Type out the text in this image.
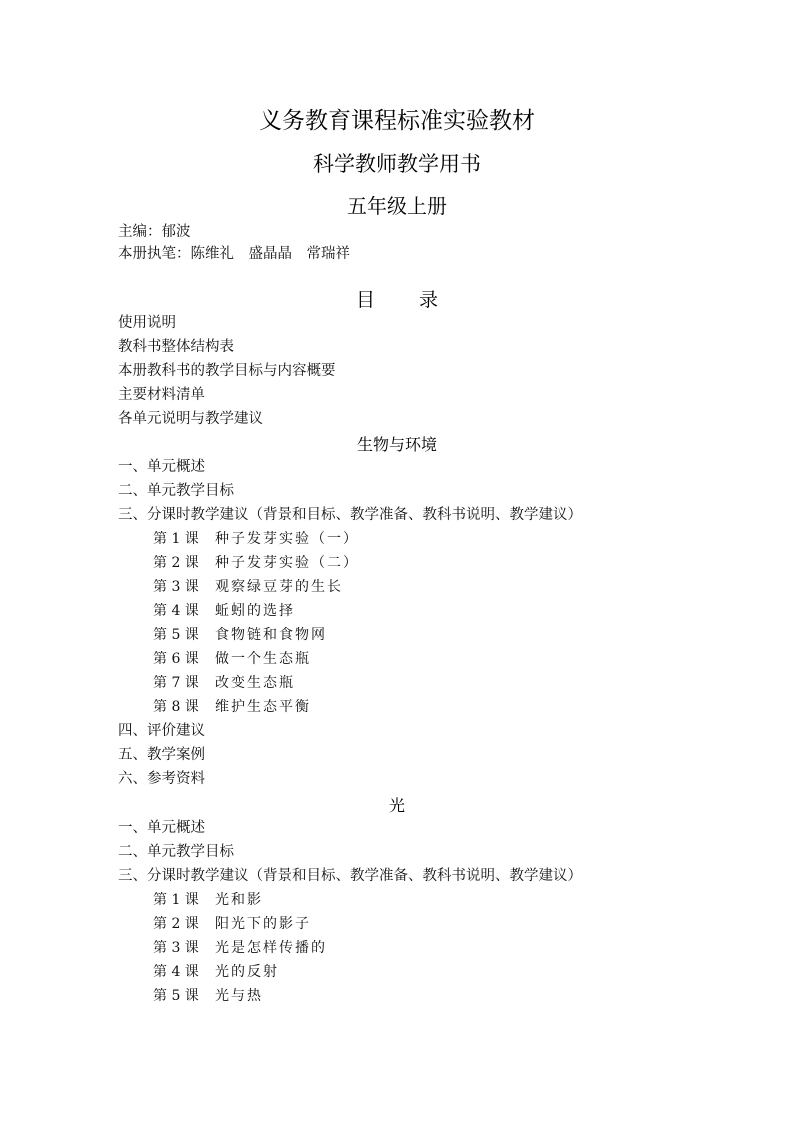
义务教育课程标准实验教材
科学教师教学用书
五年级上册
主编：郁波
本册执笔：陈维礼　盛晶晶　常瑞祥
目录
使用说明
教科书整体结构表
本册教科书的教学目标与内容概要
主要材料清单
各单元说明与教学建议
生物与环境
一、单元概述
二、单元教学目标
三、分课时教学建议（背景和目标、教学准备、教科书说明、教学建议）
第 1 课 种子发芽实验（一）
第 2 课 种子发芽实验（二）
第 3 课 观察绿豆芽的生长
第 4 课 蚯蚓的选择
第 5 课 食物链和食物网
第 6 课 做一个生态瓶
第 7 课 改变生态瓶
第 8 课 维护生态平衡
四、评价建议
五、教学案例
六、参考资料
光
一、单元概述
二、单元教学目标
三、分课时教学建议（背景和目标、教学准备、教科书说明、教学建议）
第 1 课 光和影
第 2 课 阳光下的影子
第 3 课 光是怎样传播的
第 4 课 光的反射
第 5 课 光与热
